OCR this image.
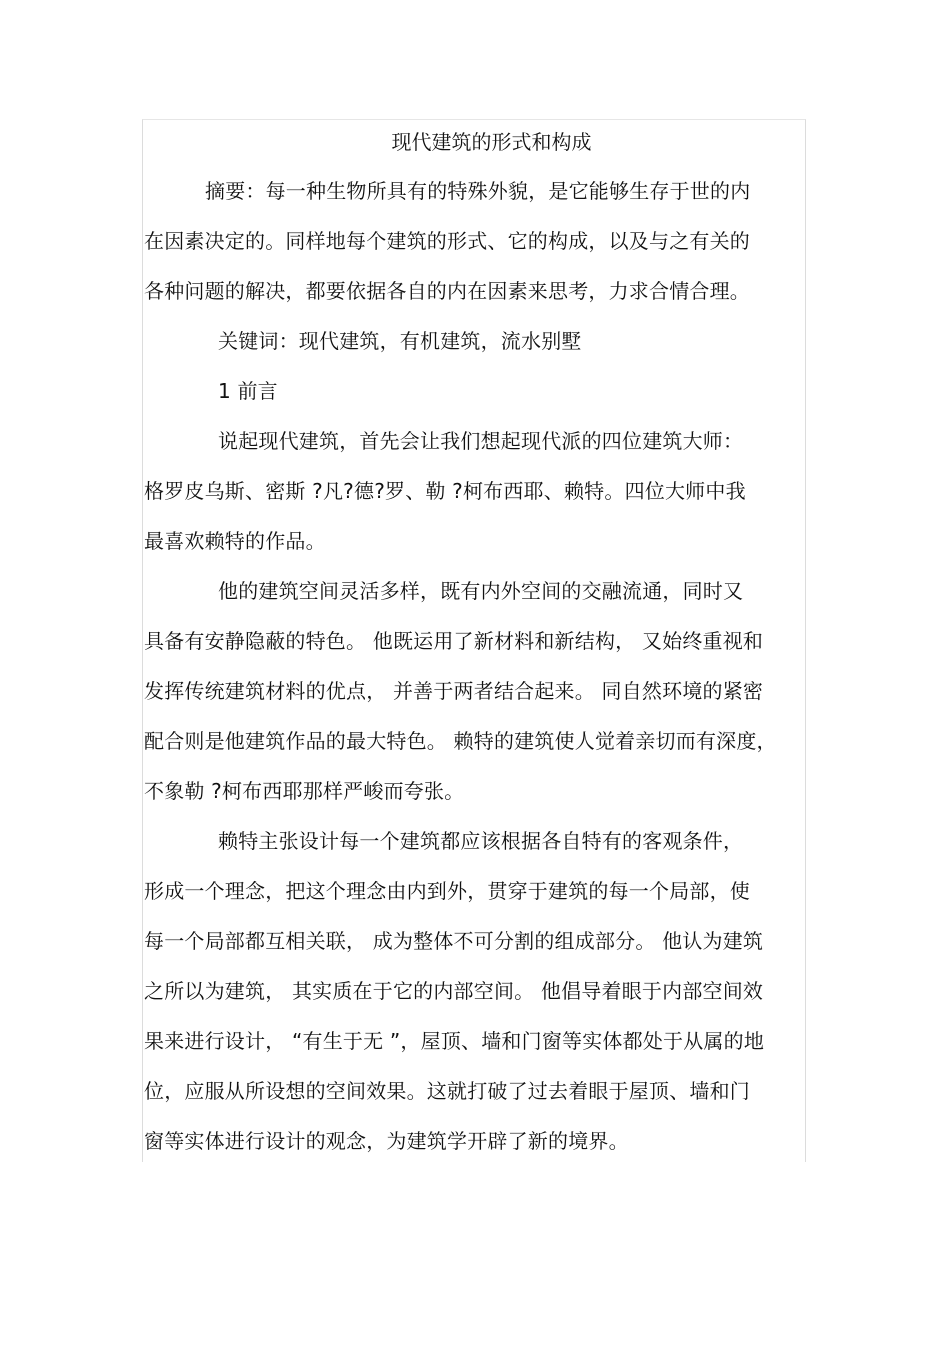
现代建筑的形式和构成
摘要：每一种生物所具有的特殊外貌，是它能够生存于世的内
在因素决定的。同样地每个建筑的形式、它的构成，以及与之有关的
各种问题的解决，都要依据各自的内在因素来思考，力求合情合理。
关键词：现代建筑，有机建筑，流水别墅
1 前言
说起现代建筑，首先会让我们想起现代派的四位建筑大师：
格罗皮乌斯、密斯 ?凡?德?罗、勒 ?柯布西耶、赖特。四位大师中我
最喜欢赖特的作品。
他的建筑空间灵活多样，既有内外空间的交融流通，同时又
具备有安静隐蔽的特色。 他既运用了新材料和新结构， 又始终重视和
发挥传统建筑材料的优点， 并善于两者结合起来。 同自然环境的紧密
配合则是他建筑作品的最大特色。 赖特的建筑使人觉着亲切而有深度，
不象勒 ?柯布西耶那样严峻而夸张。
赖特主张设计每一个建筑都应该根据各自特有的客观条件，
形成一个理念，把这个理念由内到外，贯穿于建筑的每一个局部，使
每一个局部都互相关联， 成为整体不可分割的组成部分。 他认为建筑
之所以为建筑， 其实质在于它的内部空间。 他倡导着眼于内部空间效
果来进行设计， “有生于无 ”，屋顶、墙和门窗等实体都处于从属的地
位，应服从所设想的空间效果。这就打破了过去着眼于屋顶、墙和门
窗等实体进行设计的观念，为建筑学开辟了新的境界。
